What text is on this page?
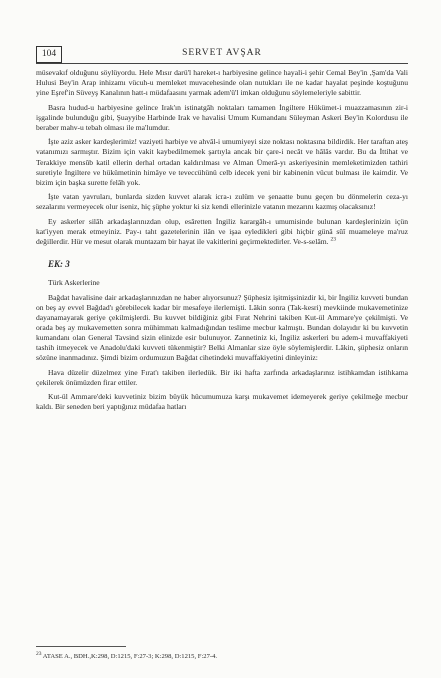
104	SERVET AVŞAR

müsevakıf olduğunu söylüyordu. Hele Mısır darü'l hareket-ı harbiyesine gelince hayali-i şehir Cemal Bey'in ,Şam'da Vali Hulusi Bey'in Arap inhizamı vücuh-u memleket muvacehesinde olan nutukları ile ne kadar hayalat peşinde koştuğunu yine Eşref'in Süveyş Kanalının hatt-ı müdafaasını yarmak adem'ü'l imkan olduğunu söylemeleriyle sabittir.

Basra hudud-u harbiyesine gelince Irak'ın istinatgâh noktaları tamamen İngiltere Hükümet-i muazzamasının zir-i işgalinde bulunduğu gibi, Şuayyibe Harbinde Irak ve havalisi Umum Kumandanı Süleyman Askeri Bey'in Kolordusu ile beraber mahv-u tebah olması ile ma'lumdur.

İşte aziz asker kardeşlerimiz! vaziyeti harbiye ve ahvâl-i umumiyeyi size noktası noktasına bildirdik. Her taraftan ateş vatanımızı sarmıştır. Bizim için vakit kaybedilmemek şartıyla ancak bir çare-i necât ve hâlâs vardır. Bu da İttihat ve Terakkiye mensûb katil ellerin derhal ortadan kaldırılması ve Alman Ümerâ-yı askeriyesinin memleketimizden tathiri suretiyle İngiltere ve hükümetinin himâye ve teveccühünü celb idecek yeni bir kabinenin vücut bulması ile kaimdir. Ve bizim için başka surette felâh yok.

İşte vatan yavruları, bunlarda sizden kuvvet alarak icra-ı zulüm ve şenaatte bunu geçen bu dönmelerin ceza-yı sezalarını vermeyecek olur iseniz, hiç şüphe yoktur ki siz kendi ellerinizle vatanın mezarını kazmış olacaksınız!

Ey askerler silâh arkadaşlarınızdan olup, esâretten İngiliz karargâh-ı umumisinde bulunan kardeşlerinizin içün kat'iyyen merak etmeyiniz. Pay-ı taht gazetelerinin ilân ve işaa eyledikleri gibi hiçbir günâ sûî muameleye ma'ruz değillerdir. Hür ve mesut olarak muntazam bir hayat ile vakitlerini geçirmektedirler. Ve-s-selâm. $^{23}$

EK: 3

Türk Askerlerine

Bağdat havalisine dair arkadaşlarınızdan ne haber alıyorsunuz? Şüphesiz işitmişsinizdir ki, bir İngiliz kuvveti bundan on beş ay evvel Bağdad'ı görebilecek kadar bir mesafeye ilerlemişti. Lâkin sonra (Tak-kesri) mevkiinde mukavemetinize dayanamayarak geriye çekilmişlerdi. Bu kuvvet bildiğiniz gibi Fırat Nehrini takiben Kut-ül Ammare'ye çekilmişti. Ve orada beş ay mukavemetten sonra mühimmatı kalmadığından teslime mecbur kalmıştı. Bundan dolayıdır ki bu kuvvetin kumandanı olan General Tavsind sizin elinizde esir bulunuyor. Zannetiniz ki, İngiliz askerleri bu adem-i muvaffakiyeti tashih itmeyecek ve Anadolu'daki kuvveti tükenmiştir? Belki Almanlar size öyle söylemişlerdir. Lâkin, şüphesiz onların sözüne inanmadınız. Şimdi bizim ordumuzun Bağdat cihetindeki muvaffakiyetini dinleyiniz:

Hava düzelir düzelmez yine Fırat'ı takiben ilerledük. Bir iki hafta zarfında arkadaşlarınız istihkamdan istihkama çekilerek önümüzden firar ettiler.

Kut-ül Ammare'deki kuvvetiniz bizim büyük hücumumuza karşı mukavemet idemeyerek geriye çekilmeğe mecbur kaldı. Bir seneden beri yaptığınız müdafaa hatları

$^{23}$ ATASE A., BDH.,K:298, D:1215, F:27-3; K:298, D:1215, F:27-4.
